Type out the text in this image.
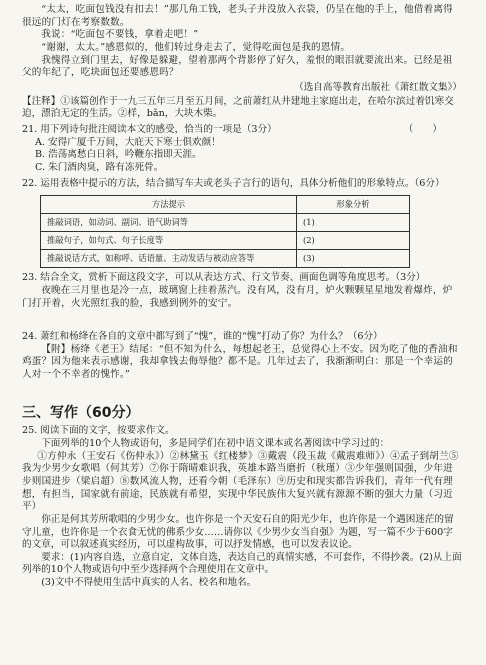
“太太，吃面包钱没有扣去！”那几角工钱，老头子并没放入衣袋，仍呈在他的手上，他借着离得很远的门灯在考察数数。

我说：“吃面包不要钱，拿着走吧！”

“谢谢，太太。”感恩似的，他们转过身走去了，觉得吃面包是我的恩情。

我愧得立到门里去，好像是躲避，望着那两个背影停了好久，羞恨的眼泪就要流出来。已经是祖父的年纪了，吃块面包还要感恩吗？

（选自高等教育出版社《萧红散文集》）

【注释】①该篇创作于一九三五年三月至五月间，之前萧红从井建地主家庭出走，在哈尔滨过着饥寒交迫，漂泊无定的生活。②样，bǎn，大块木柴。

21. 用下列诗句批注阅读本文的感受，恰当的一项是（3分）	（　　）
A. 安得广厦千万间，大庇天下寒士俱欢颜！
B. 浩荡离愁白日斜，吟鞭东指即天涯。
C. 朱门酒肉臭，路有冻死骨。
22. 运用表格中提示的方法，结合描写车夫或老头子言行的语句，具体分析他们的形象特点。（6分）
方法提示	形象分析
推敲词语，如动词、副词、语气助词等	(1)
推敲句子，如句式、句子长度等	(2)
推敲说话方式，如称呼、话语量、主动发话与被动应答等	(3)
23. 结合全文，赏析下面这段文字，可以从表达方式、行文节奏、画面色调等角度思考。（3分）
夜晚在三月里也是冷一点，玻璃窗上挂着蒸汽。没有风，没有月，炉火颗颗星星地发着爆炸，炉门打开着，火光照红我的脸，我感到例外的安宁。
24. 萧红和杨绛在各自的文章中都写到了“愧”，谁的“愧”打动了你？为什么？（6分）
【附】杨绛《老王》结尾：“但不知为什么，每想起老王，总觉得心上不安。因为吃了他的香油和鸡蛋？因为他来表示感谢，我却拿钱去侮辱他？都不是。几年过去了，我渐渐明白：那是一个幸运的人对一个不幸者的愧怍。”
三、写作（60分）
25. 阅读下面的文字，按要求作文。
下面列举的10个人物或语句，多是同学们在初中语文课本或名著阅读中学习过的：
①方仲永（王安石《伤仲永》）②林黛玉《红楼梦》③戴震（段玉裁《戴震难师》）④孟子到胡兰⑤我为少男少女歌唱（何其芳）⑦你于隋晴难识我，英雄本路当磨折（秋瑾）③少年强则国强，少年进步则国进步（梁启超）⑧数风流人物，还看今朝（毛泽东）⑨历史和现实都告诉我们，青年一代有理想，有担当，国家就有前途，民族就有希望，实现中华民族伟大复兴就有源源不断的强大力量（习近平）
你正是何其芳所歌唱的少男少女。也许你是一个天安石自的阳光少年，也许你是一个遇困迷茫的留守儿童，也许你是一个衣食无忧的佛系少女……请你以《少男少女当自强》为题，写一篇不少于600字的文章，可以叙述真实经历，可以虚构故事，可以抒发情感，也可以发表议论。
要求：(1)内容自选，立意自定，文体自选，表达自己的真情实感，不可套作，不得抄袭。(2)从上面列举的10个人物或语句中至少选择两个合理使用在文章中。
(3)文中不得使用生活中真实的人名、校名和地名。
